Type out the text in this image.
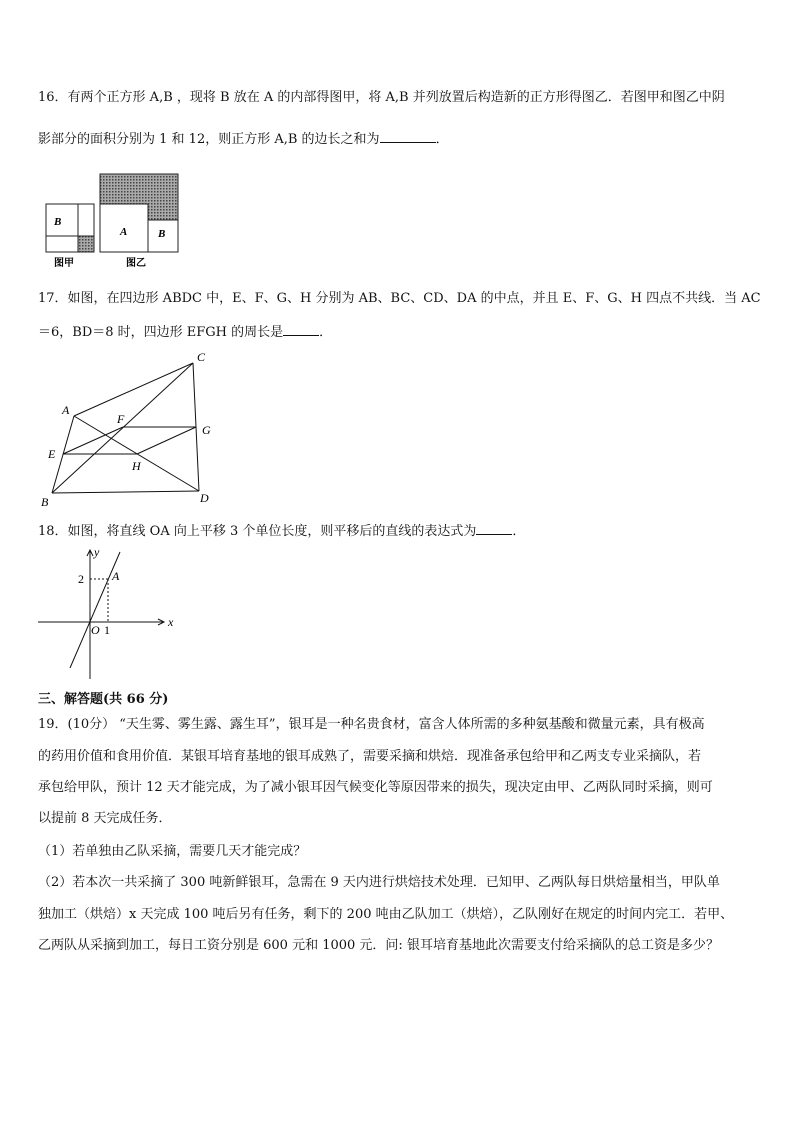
16．有两个正方形 A,B ，现将 B 放在 A 的内部得图甲，将 A,B 并列放置后构造新的正方形得图乙．若图甲和图乙中阴
影部分的面积分别为 1 和 12，则正方形 A,B 的边长之和为	．
B
A	B
图甲	图乙
17．如图，在四边形 ABDC 中，E、F、G、H 分别为 AB、BC、CD、DA 的中点，并且 E、F、G、H 四点不共线．当 AC
＝6，BD＝8 时，四边形 EFGH 的周长是	．
A
C
D
B
E
F
G
H
18．如图，将直线 OA 向上平移 3 个单位长度，则平移后的直线的表达式为	．
y
x
O
A
2
1
三、解答题(共 66 分)
19．(10分） “天生雾、雾生露、露生耳”，银耳是一种名贵食材，富含人体所需的多种氨基酸和微量元素，具有极高
的药用价值和食用价值．某银耳培育基地的银耳成熟了，需要采摘和烘焙．现准备承包给甲和乙两支专业采摘队，若
承包给甲队，预计 12 天才能完成，为了减小银耳因气候变化等原因带来的损失，现决定由甲、乙两队同时采摘，则可
以提前 8 天完成任务．
（1）若单独由乙队采摘，需要几天才能完成？
（2）若本次一共采摘了 300 吨新鲜银耳，急需在 9 天内进行烘焙技术处理．已知甲、乙两队每日烘焙量相当，甲队单
独加工（烘焙）x 天完成 100 吨后另有任务，剩下的 200 吨由乙队加工（烘焙），乙队刚好在规定的时间内完工．若甲、
乙两队从采摘到加工，每日工资分别是 600 元和 1000 元．问: 银耳培育基地此次需要支付给采摘队的总工资是多少？
